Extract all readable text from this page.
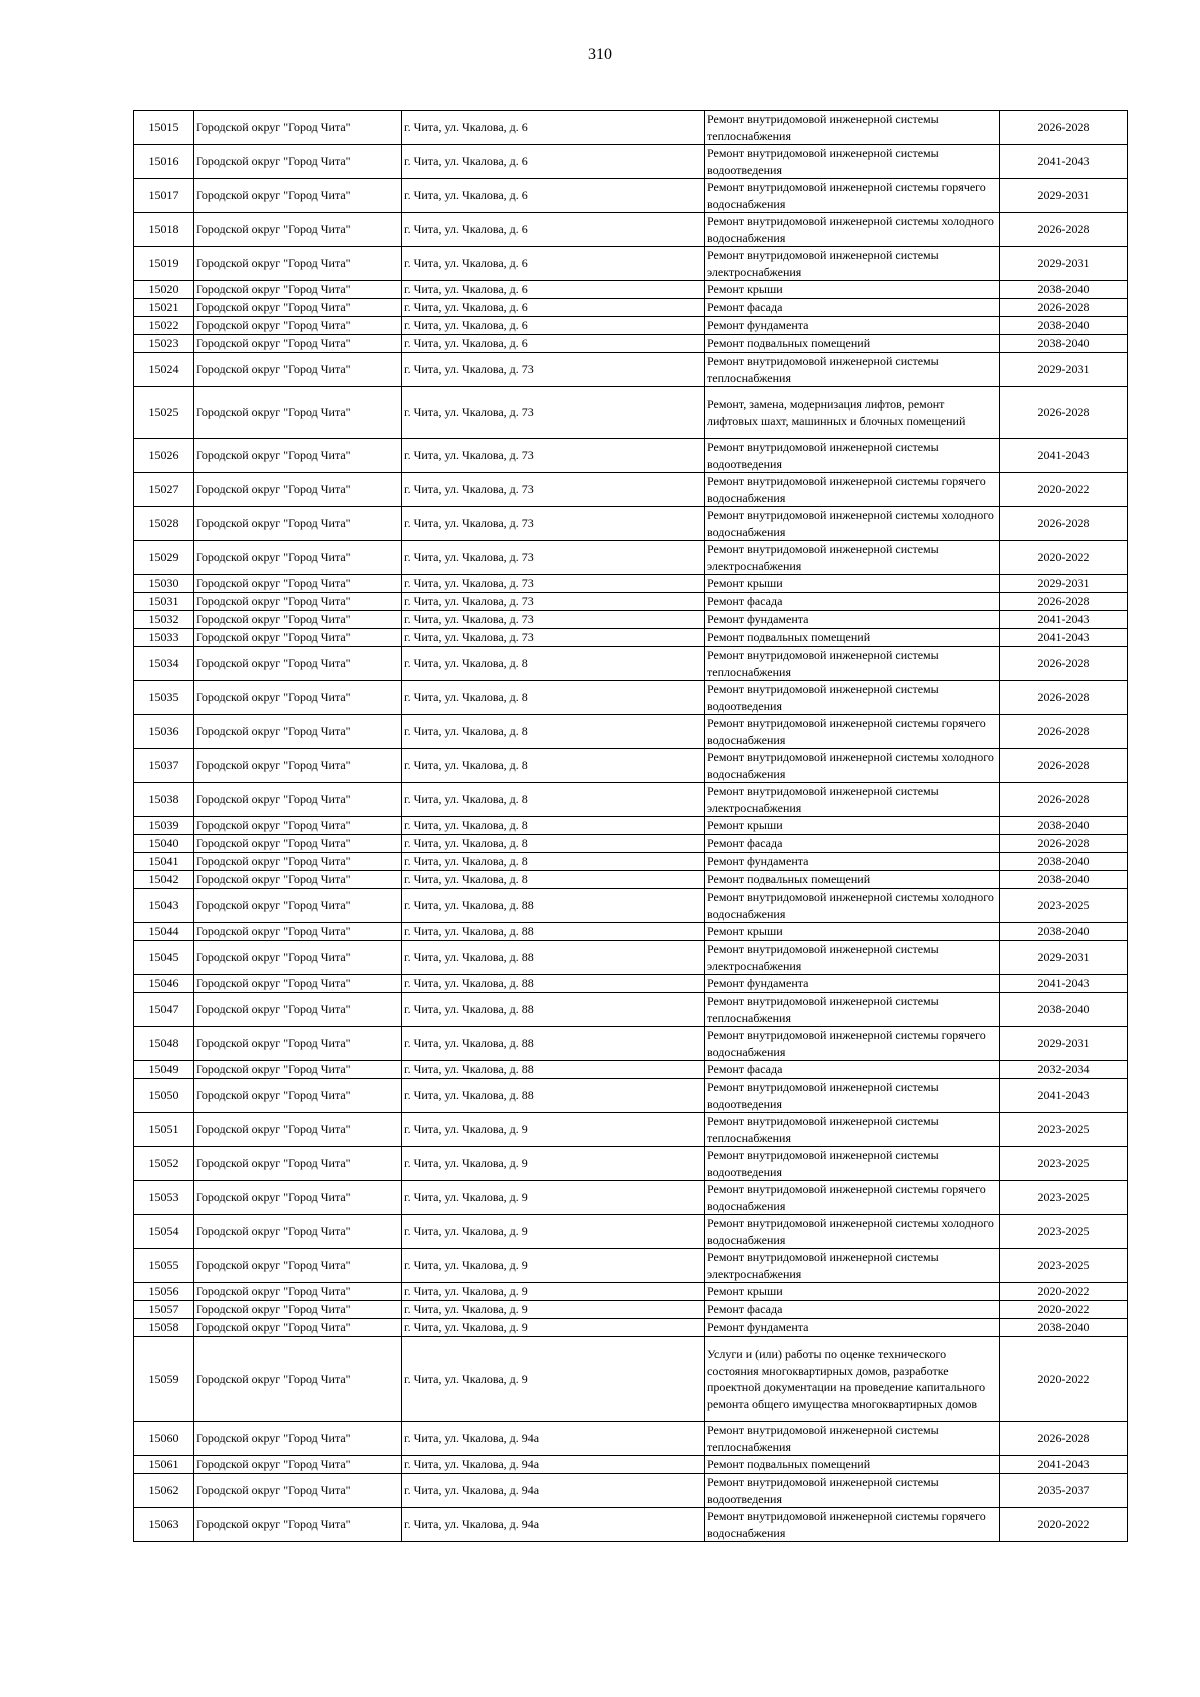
310
15015	Городской округ "Город Чита"	г. Чита, ул. Чкалова, д. 6	Ремонт внутридомовой инженерной системы теплоснабжения	2026-2028
15016	Городской округ "Город Чита"	г. Чита, ул. Чкалова, д. 6	Ремонт внутридомовой инженерной системы водоотведения	2041-2043
15017	Городской округ "Город Чита"	г. Чита, ул. Чкалова, д. 6	Ремонт внутридомовой инженерной системы горячего водоснабжения	2029-2031
15018	Городской округ "Город Чита"	г. Чита, ул. Чкалова, д. 6	Ремонт внутридомовой инженерной системы холодного водоснабжения	2026-2028
15019	Городской округ "Город Чита"	г. Чита, ул. Чкалова, д. 6	Ремонт внутридомовой инженерной системы электроснабжения	2029-2031
15020	Городской округ "Город Чита"	г. Чита, ул. Чкалова, д. 6	Ремонт крыши	2038-2040
15021	Городской округ "Город Чита"	г. Чита, ул. Чкалова, д. 6	Ремонт фасада	2026-2028
15022	Городской округ "Город Чита"	г. Чита, ул. Чкалова, д. 6	Ремонт фундамента	2038-2040
15023	Городской округ "Город Чита"	г. Чита, ул. Чкалова, д. 6	Ремонт подвальных помещений	2038-2040
15024	Городской округ "Город Чита"	г. Чита, ул. Чкалова, д. 73	Ремонт внутридомовой инженерной системы теплоснабжения	2029-2031
15025	Городской округ "Город Чита"	г. Чита, ул. Чкалова, д. 73	Ремонт, замена, модернизация лифтов, ремонт лифтовых шахт, машинных и блочных помещений	2026-2028
15026	Городской округ "Город Чита"	г. Чита, ул. Чкалова, д. 73	Ремонт внутридомовой инженерной системы водоотведения	2041-2043
15027	Городской округ "Город Чита"	г. Чита, ул. Чкалова, д. 73	Ремонт внутридомовой инженерной системы горячего водоснабжения	2020-2022
15028	Городской округ "Город Чита"	г. Чита, ул. Чкалова, д. 73	Ремонт внутридомовой инженерной системы холодного водоснабжения	2026-2028
15029	Городской округ "Город Чита"	г. Чита, ул. Чкалова, д. 73	Ремонт внутридомовой инженерной системы электроснабжения	2020-2022
15030	Городской округ "Город Чита"	г. Чита, ул. Чкалова, д. 73	Ремонт крыши	2029-2031
15031	Городской округ "Город Чита"	г. Чита, ул. Чкалова, д. 73	Ремонт фасада	2026-2028
15032	Городской округ "Город Чита"	г. Чита, ул. Чкалова, д. 73	Ремонт фундамента	2041-2043
15033	Городской округ "Город Чита"	г. Чита, ул. Чкалова, д. 73	Ремонт подвальных помещений	2041-2043
15034	Городской округ "Город Чита"	г. Чита, ул. Чкалова, д. 8	Ремонт внутридомовой инженерной системы теплоснабжения	2026-2028
15035	Городской округ "Город Чита"	г. Чита, ул. Чкалова, д. 8	Ремонт внутридомовой инженерной системы водоотведения	2026-2028
15036	Городской округ "Город Чита"	г. Чита, ул. Чкалова, д. 8	Ремонт внутридомовой инженерной системы горячего водоснабжения	2026-2028
15037	Городской округ "Город Чита"	г. Чита, ул. Чкалова, д. 8	Ремонт внутридомовой инженерной системы холодного водоснабжения	2026-2028
15038	Городской округ "Город Чита"	г. Чита, ул. Чкалова, д. 8	Ремонт внутридомовой инженерной системы электроснабжения	2026-2028
15039	Городской округ "Город Чита"	г. Чита, ул. Чкалова, д. 8	Ремонт крыши	2038-2040
15040	Городской округ "Город Чита"	г. Чита, ул. Чкалова, д. 8	Ремонт фасада	2026-2028
15041	Городской округ "Город Чита"	г. Чита, ул. Чкалова, д. 8	Ремонт фундамента	2038-2040
15042	Городской округ "Город Чита"	г. Чита, ул. Чкалова, д. 8	Ремонт подвальных помещений	2038-2040
15043	Городской округ "Город Чита"	г. Чита, ул. Чкалова, д. 88	Ремонт внутридомовой инженерной системы холодного водоснабжения	2023-2025
15044	Городской округ "Город Чита"	г. Чита, ул. Чкалова, д. 88	Ремонт крыши	2038-2040
15045	Городской округ "Город Чита"	г. Чита, ул. Чкалова, д. 88	Ремонт внутридомовой инженерной системы электроснабжения	2029-2031
15046	Городской округ "Город Чита"	г. Чита, ул. Чкалова, д. 88	Ремонт фундамента	2041-2043
15047	Городской округ "Город Чита"	г. Чита, ул. Чкалова, д. 88	Ремонт внутридомовой инженерной системы теплоснабжения	2038-2040
15048	Городской округ "Город Чита"	г. Чита, ул. Чкалова, д. 88	Ремонт внутридомовой инженерной системы горячего водоснабжения	2029-2031
15049	Городской округ "Город Чита"	г. Чита, ул. Чкалова, д. 88	Ремонт фасада	2032-2034
15050	Городской округ "Город Чита"	г. Чита, ул. Чкалова, д. 88	Ремонт внутридомовой инженерной системы водоотведения	2041-2043
15051	Городской округ "Город Чита"	г. Чита, ул. Чкалова, д. 9	Ремонт внутридомовой инженерной системы теплоснабжения	2023-2025
15052	Городской округ "Город Чита"	г. Чита, ул. Чкалова, д. 9	Ремонт внутридомовой инженерной системы водоотведения	2023-2025
15053	Городской округ "Город Чита"	г. Чита, ул. Чкалова, д. 9	Ремонт внутридомовой инженерной системы горячего водоснабжения	2023-2025
15054	Городской округ "Город Чита"	г. Чита, ул. Чкалова, д. 9	Ремонт внутридомовой инженерной системы холодного водоснабжения	2023-2025
15055	Городской округ "Город Чита"	г. Чита, ул. Чкалова, д. 9	Ремонт внутридомовой инженерной системы электроснабжения	2023-2025
15056	Городской округ "Город Чита"	г. Чита, ул. Чкалова, д. 9	Ремонт крыши	2020-2022
15057	Городской округ "Город Чита"	г. Чита, ул. Чкалова, д. 9	Ремонт фасада	2020-2022
15058	Городской округ "Город Чита"	г. Чита, ул. Чкалова, д. 9	Ремонт фундамента	2038-2040
15059	Городской округ "Город Чита"	г. Чита, ул. Чкалова, д. 9	Услуги и (или) работы по оценке технического состояния многоквартирных домов, разработке проектной документации на проведение капитального ремонта общего имущества многоквартирных домов	2020-2022
15060	Городской округ "Город Чита"	г. Чита, ул. Чкалова, д. 94а	Ремонт внутридомовой инженерной системы теплоснабжения	2026-2028
15061	Городской округ "Город Чита"	г. Чита, ул. Чкалова, д. 94а	Ремонт подвальных помещений	2041-2043
15062	Городской округ "Город Чита"	г. Чита, ул. Чкалова, д. 94а	Ремонт внутридомовой инженерной системы водоотведения	2035-2037
15063	Городской округ "Город Чита"	г. Чита, ул. Чкалова, д. 94а	Ремонт внутридомовой инженерной системы горячего водоснабжения	2020-2022
